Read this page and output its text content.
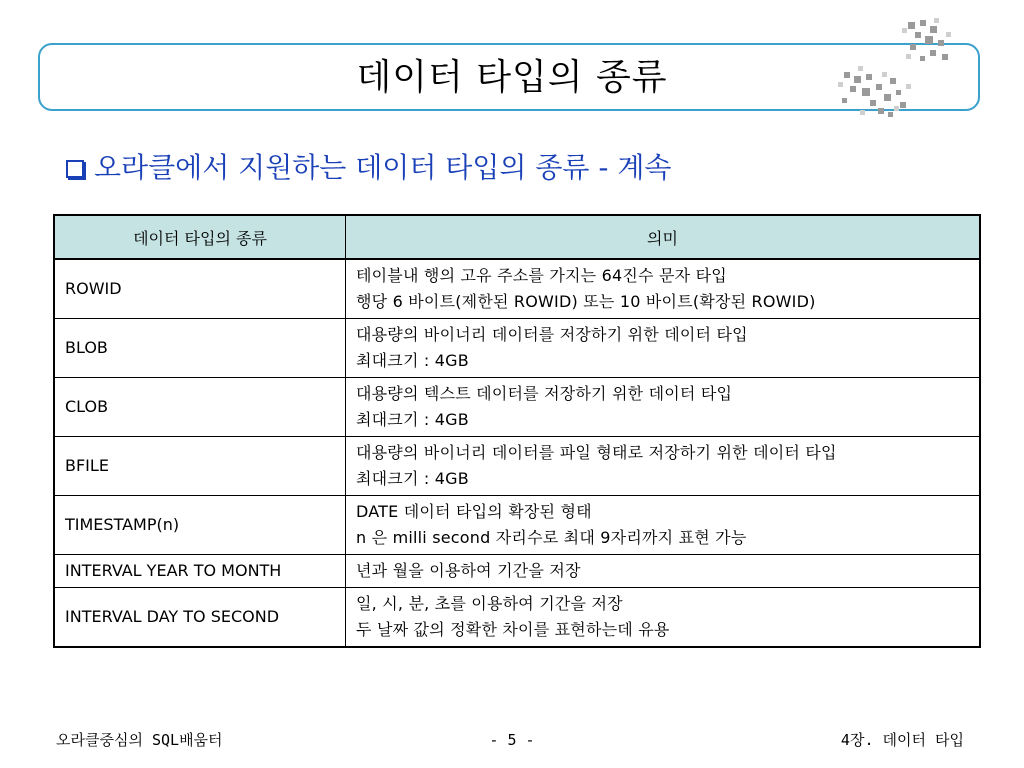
데이터 타입의 종류
오라클에서 지원하는 데이터 타입의 종류 - 계속
데이터 타입의 종류	의미
ROWID	테이블내 행의 고유 주소를 가지는 64진수 문자 타입
행당 6 바이트(제한된 ROWID) 또는 10 바이트(확장된 ROWID)

BLOB	대용량의 바이너리 데이터를 저장하기 위한 데이터 타입
최대크기 : 4GB

CLOB	대용량의 텍스트 데이터를 저장하기 위한 데이터 타입
최대크기 : 4GB

BFILE	대용량의 바이너리 데이터를 파일 형태로 저장하기 위한 데이터 타입
최대크기 : 4GB

TIMESTAMP(n)	DATE 데이터 타입의 확장된 형태
n 은 milli second 자리수로 최대 9자리까지 표현 가능

INTERVAL YEAR TO MONTH	년과 월을 이용하여 기간을 저장

INTERVAL DAY TO SECOND	일, 시, 분, 초를 이용하여 기간을 저장
두 날짜 값의 정확한 차이를 표현하는데 유용
오라클중심의 SQL배움터	- 5 -	4장. 데이터 타입
